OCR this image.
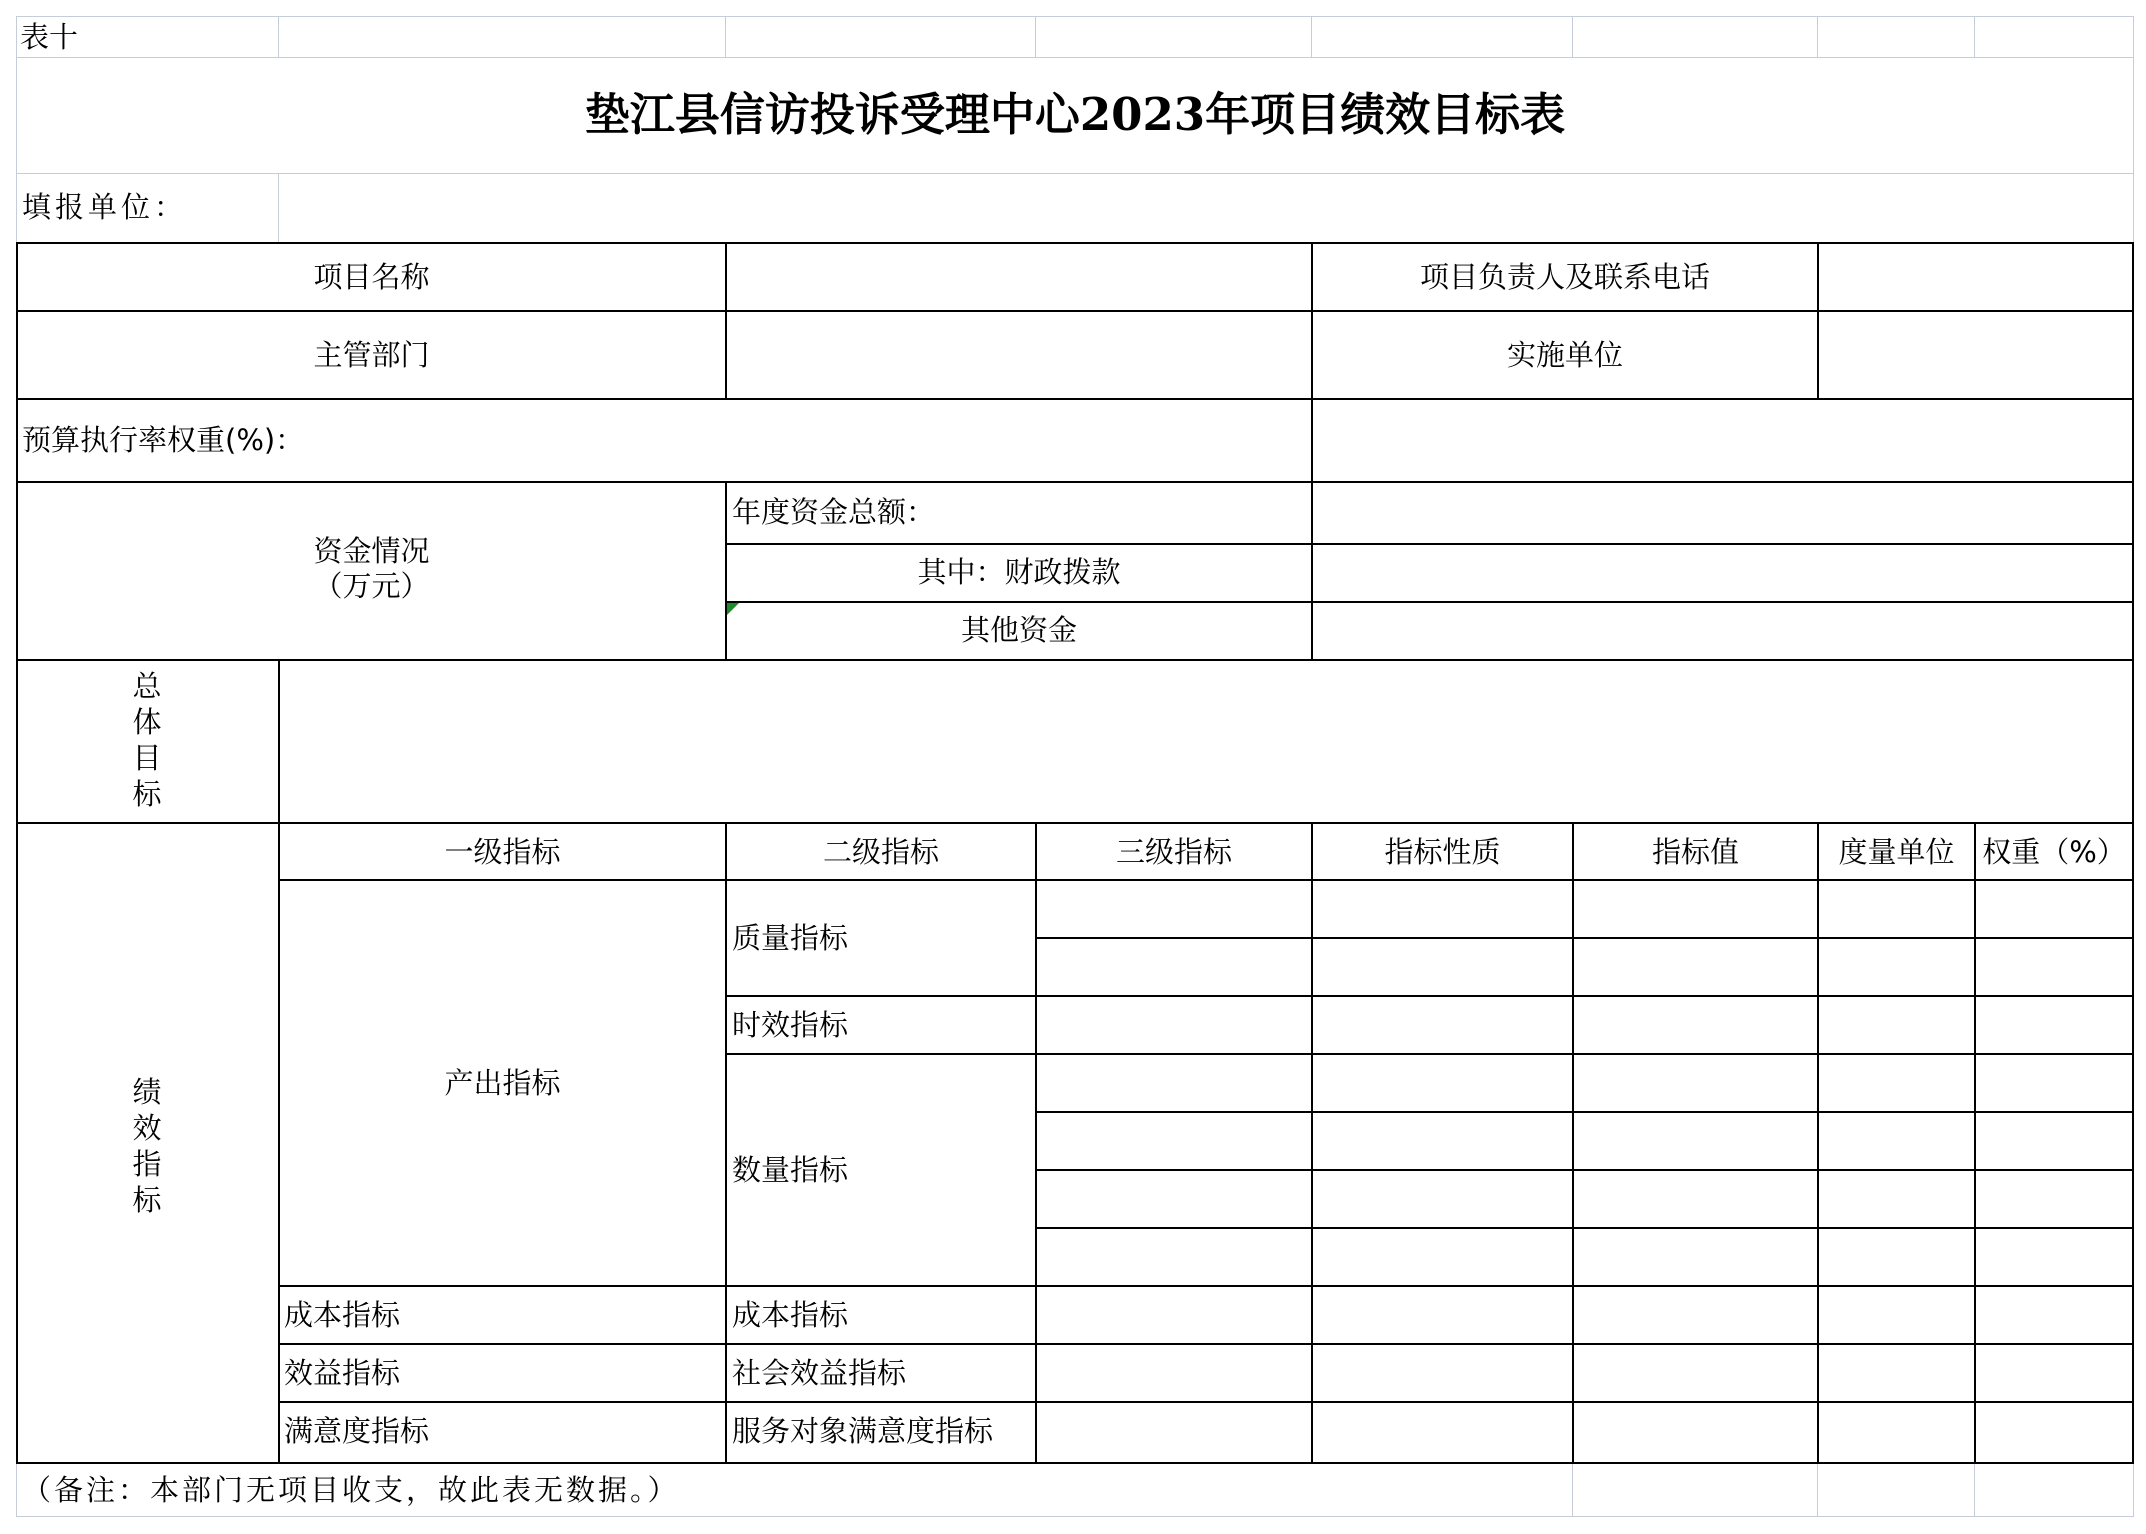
表十
垫江县信访投诉受理中心2023年项目绩效目标表
填报单位：
项目名称	项目负责人及联系电话
主管部门	实施单位
预算执行率权重(%)：
资金情况
（万元）
年度资金总额：
其中：财政拨款
其他资金
总体目标
绩效指标
一级指标	二级指标	三级指标	指标性质	指标值	度量单位 权重（%）
产出指标
质量指标
时效指标
数量指标
成本指标	成本指标
效益指标	社会效益指标
满意度指标	服务对象满意度指标
（备注：本部门无项目收支，故此表无数据。）
